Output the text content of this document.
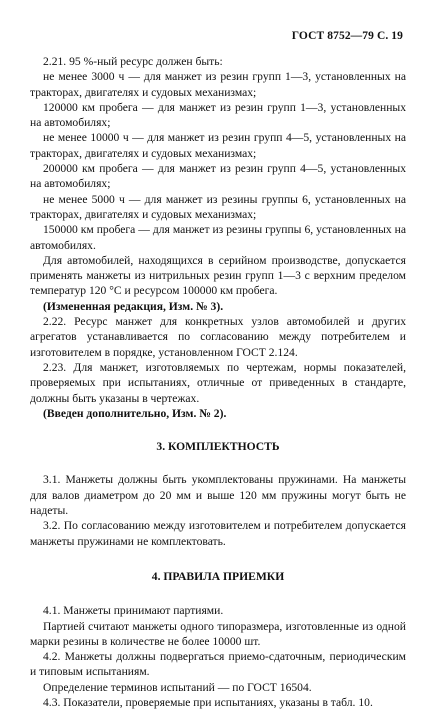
ГОСТ 8752—79 С. 19

2.21. 95 %-ный ресурс должен быть:

не менее 3000 ч — для манжет из резин групп 1—3, установленных на тракторах, двигателях и судовых механизмах;

120000 км пробега — для манжет из резин групп 1—3, установленных на автомобилях;

не менее 10000 ч — для манжет из резин групп 4—5, установленных на тракторах, двигателях и судовых механизмах;

200000 км пробега — для манжет из резин групп 4—5, установленных на автомобилях;

не менее 5000 ч — для манжет из резины группы 6, установленных на тракторах, двигателях и судовых механизмах;

150000 км пробега — для манжет из резины группы 6, установленных на автомобилях.

Для автомобилей, находящихся в серийном производстве, допускается применять манжеты из нитрильных резин групп 1—3 с верхним пределом температур 120 °С и ресурсом 100000 км пробега.

(Измененная редакция, Изм. № 3).

2.22. Ресурс манжет для конкретных узлов автомобилей и других агрегатов устанавливается по согласованию между потребителем и изготовителем в порядке, установленном ГОСТ 2.124.

2.23. Для манжет, изготовляемых по чертежам, нормы показателей, проверяемых при испытаниях, отличные от приведенных в стандарте, должны быть указаны в чертежах.

(Введен дополнительно, Изм. № 2).

3. КОМПЛЕКТНОСТЬ

3.1. Манжеты должны быть укомплектованы пружинами. На манжеты для валов диаметром до 20 мм и выше 120 мм пружины могут быть не надеты.

3.2. По согласованию между изготовителем и потребителем допускается манжеты пружинами не комплектовать.

4. ПРАВИЛА ПРИЕМКИ

4.1. Манжеты принимают партиями.

Партией считают манжеты одного типоразмера, изготовленные из одной марки резины в количестве не более 10000 шт.

4.2. Манжеты должны подвергаться приемо-сдаточным, периодическим и типовым испытаниям.

Определение терминов испытаний — по ГОСТ 16504.

4.3. Показатели, проверяемые при испытаниях, указаны в табл. 10.
